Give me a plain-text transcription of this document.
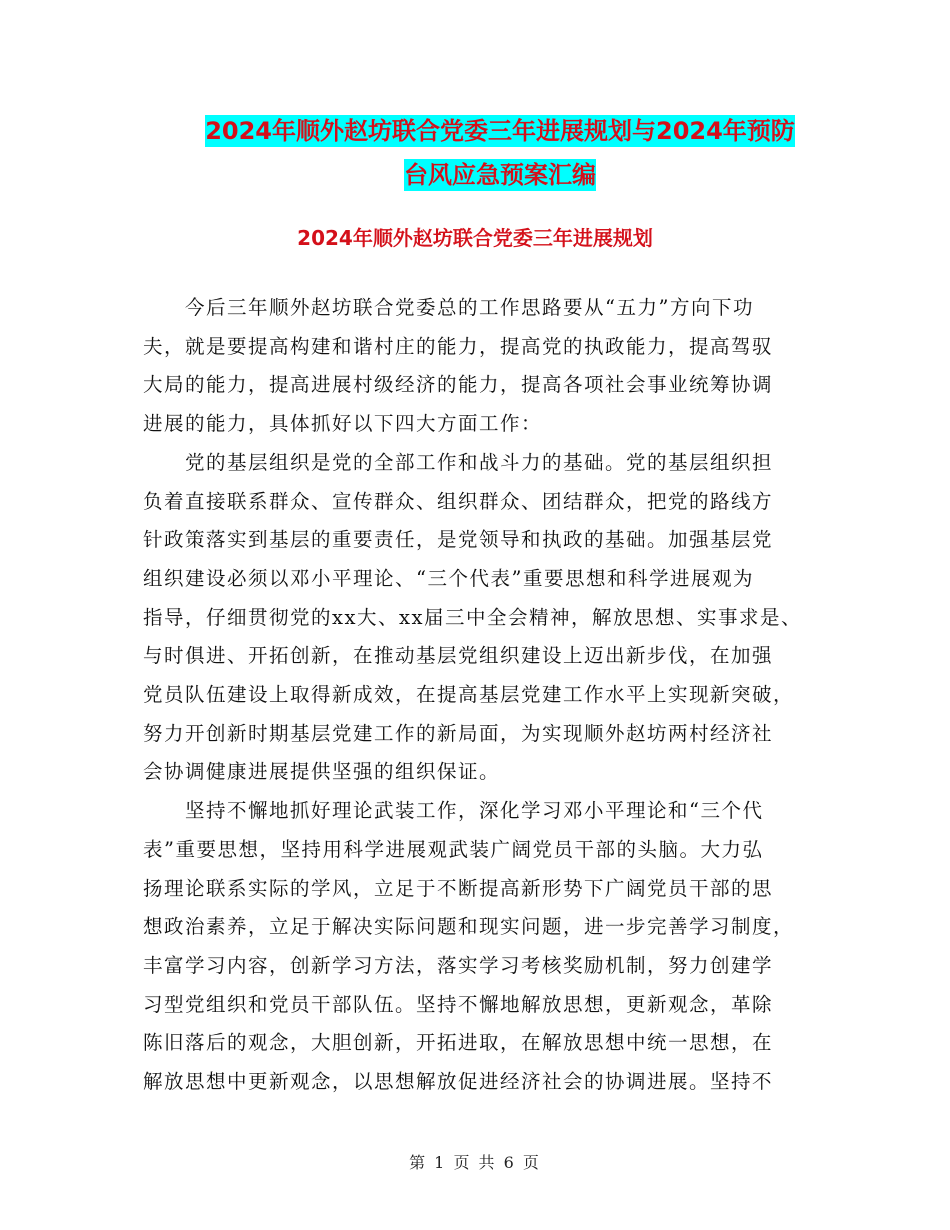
2024年顺外赵坊联合党委三年进展规划与2024年预防
台风应急预案汇编
2024年顺外赵坊联合党委三年进展规划

今后三年顺外赵坊联合党委总的工作思路要从“五力”方向下功
夫，就是要提高构建和谐村庄的能力，提高党的执政能力，提高驾驭
大局的能力，提高进展村级经济的能力，提高各项社会事业统筹协调
进展的能力，具体抓好以下四大方面工作：

党的基层组织是党的全部工作和战斗力的基础。党的基层组织担
负着直接联系群众、宣传群众、组织群众、团结群众，把党的路线方
针政策落实到基层的重要责任，是党领导和执政的基础。加强基层党
组织建设必须以邓小平理论、“三个代表”重要思想和科学进展观为
指导，仔细贯彻党的xx大、xx届三中全会精神，解放思想、实事求是、
与时俱进、开拓创新，在推动基层党组织建设上迈出新步伐，在加强
党员队伍建设上取得新成效，在提高基层党建工作水平上实现新突破，
努力开创新时期基层党建工作的新局面，为实现顺外赵坊两村经济社
会协调健康进展提供坚强的组织保证。

坚持不懈地抓好理论武装工作，深化学习邓小平理论和“三个代
表”重要思想，坚持用科学进展观武装广阔党员干部的头脑。大力弘
扬理论联系实际的学风，立足于不断提高新形势下广阔党员干部的思
想政治素养，立足于解决实际问题和现实问题，进一步完善学习制度，
丰富学习内容，创新学习方法，落实学习考核奖励机制，努力创建学
习型党组织和党员干部队伍。坚持不懈地解放思想，更新观念，革除
陈旧落后的观念，大胆创新，开拓进取，在解放思想中统一思想，在
解放思想中更新观念，以思想解放促进经济社会的协调进展。坚持不

第 1 页 共 6 页
